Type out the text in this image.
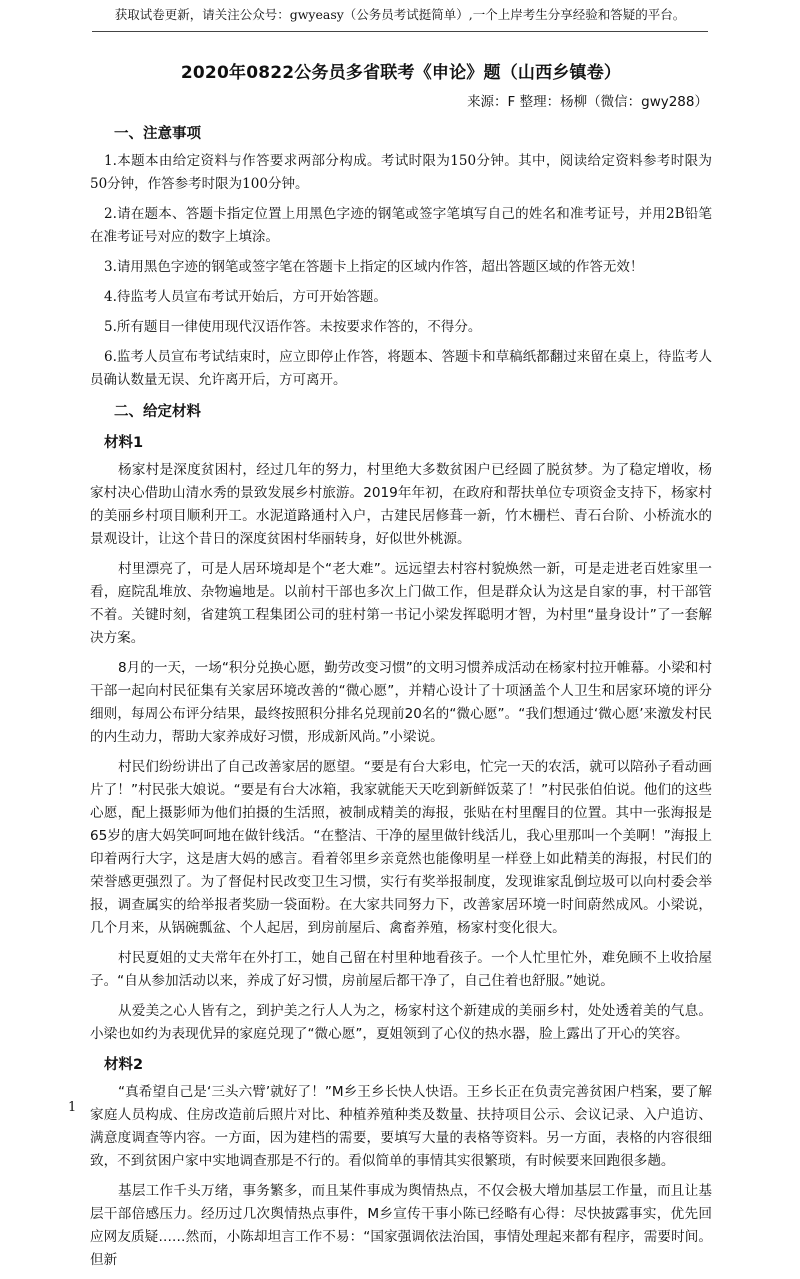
获取试卷更新，请关注公众号：gwyeasy（公务员考试挺简单）,一个上岸考生分享经验和答疑的平台。
2020年0822公务员多省联考《申论》题（山西乡镇卷）

来源：F 整理：杨柳（微信：gwy288）

一、注意事项

1.本题本由给定资料与作答要求两部分构成。考试时限为150分钟。其中，阅读给定资料参考时限为50分钟，作答参考时限为100分钟。

2.请在题本、答题卡指定位置上用黑色字迹的钢笔或签字笔填写自己的姓名和准考证号，并用2B铅笔在准考证号对应的数字上填涂。

3.请用黑色字迹的钢笔或签字笔在答题卡上指定的区域内作答，超出答题区域的作答无效！

4.待监考人员宣布考试开始后，方可开始答题。

5.所有题目一律使用现代汉语作答。未按要求作答的，不得分。

6.监考人员宣布考试结束时，应立即停止作答，将题本、答题卡和草稿纸都翻过来留在桌上，待监考人员确认数量无误、允许离开后，方可离开。

二、给定材料
材料1

杨家村是深度贫困村，经过几年的努力，村里绝大多数贫困户已经圆了脱贫梦。为了稳定增收，杨家村决心借助山清水秀的景致发展乡村旅游。2019年年初，在政府和帮扶单位专项资金支持下，杨家村的美丽乡村项目顺利开工。水泥道路通村入户，古建民居修葺一新，竹木栅栏、青石台阶、小桥流水的景观设计，让这个昔日的深度贫困村华丽转身，好似世外桃源。

村里漂亮了，可是人居环境却是个“老大难”。远远望去村容村貌焕然一新，可是走进老百姓家里一看，庭院乱堆放、杂物遍地是。以前村干部也多次上门做工作，但是群众认为这是自家的事，村干部管不着。关键时刻，省建筑工程集团公司的驻村第一书记小梁发挥聪明才智，为村里“量身设计”了一套解决方案。

8月的一天，一场“积分兑换心愿，勤劳改变习惯”的文明习惯养成活动在杨家村拉开帷幕。小梁和村干部一起向村民征集有关家居环境改善的“微心愿”，并精心设计了十项涵盖个人卫生和居家环境的评分细则，每周公布评分结果，最终按照积分排名兑现前20名的“微心愿”。“我们想通过‘微心愿’来激发村民的内生动力，帮助大家养成好习惯，形成新风尚。”小梁说。

村民们纷纷讲出了自己改善家居的愿望。“要是有台大彩电，忙完一天的农活，就可以陪孙子看动画片了！”村民张大娘说。“要是有台大冰箱，我家就能天天吃到新鲜饭菜了！”村民张伯伯说。他们的这些心愿，配上摄影师为他们拍摄的生活照，被制成精美的海报，张贴在村里醒目的位置。其中一张海报是65岁的唐大妈笑呵呵地在做针线活。“在整洁、干净的屋里做针线活儿，我心里那叫一个美啊！”海报上印着两行大字，这是唐大妈的感言。看着邻里乡亲竟然也能像明星一样登上如此精美的海报，村民们的荣誉感更强烈了。为了督促村民改变卫生习惯，实行有奖举报制度，发现谁家乱倒垃圾可以向村委会举报，调查属实的给举报者奖励一袋面粉。在大家共同努力下，改善家居环境一时间蔚然成风。小梁说，几个月来，从锅碗瓢盆、个人起居，到房前屋后、禽畜养殖，杨家村变化很大。

村民夏姐的丈夫常年在外打工，她自己留在村里种地看孩子。一个人忙里忙外，难免顾不上收拾屋子。“自从参加活动以来，养成了好习惯，房前屋后都干净了，自己住着也舒服。”她说。

从爱美之心人皆有之，到护美之行人人为之，杨家村这个新建成的美丽乡村，处处透着美的气息。小梁也如约为表现优异的家庭兑现了“微心愿”，夏姐领到了心仪的热水器，脸上露出了开心的笑容。

材料2

“真希望自己是‘三头六臂’就好了！”M乡王乡长快人快语。王乡长正在负责完善贫困户档案，要了解家庭人员构成、住房改造前后照片对比、种植养殖种类及数量、扶持项目公示、会议记录、入户追访、满意度调查等内容。一方面，因为建档的需要，要填写大量的表格等资料。另一方面，表格的内容很细致，不到贫困户家中实地调查那是不行的。看似简单的事情其实很繁琐，有时候要来回跑很多趟。

基层工作千头万绪，事务繁多，而且某件事成为舆情热点，不仅会极大增加基层工作量，而且让基层干部倍感压力。经历过几次舆情热点事件，M乡宣传干事小陈已经略有心得：尽快披露事实，优先回应网友质疑……然而，小陈却坦言工作不易：“国家强调依法治国，事情处理起来都有程序，需要时间。但新

1
